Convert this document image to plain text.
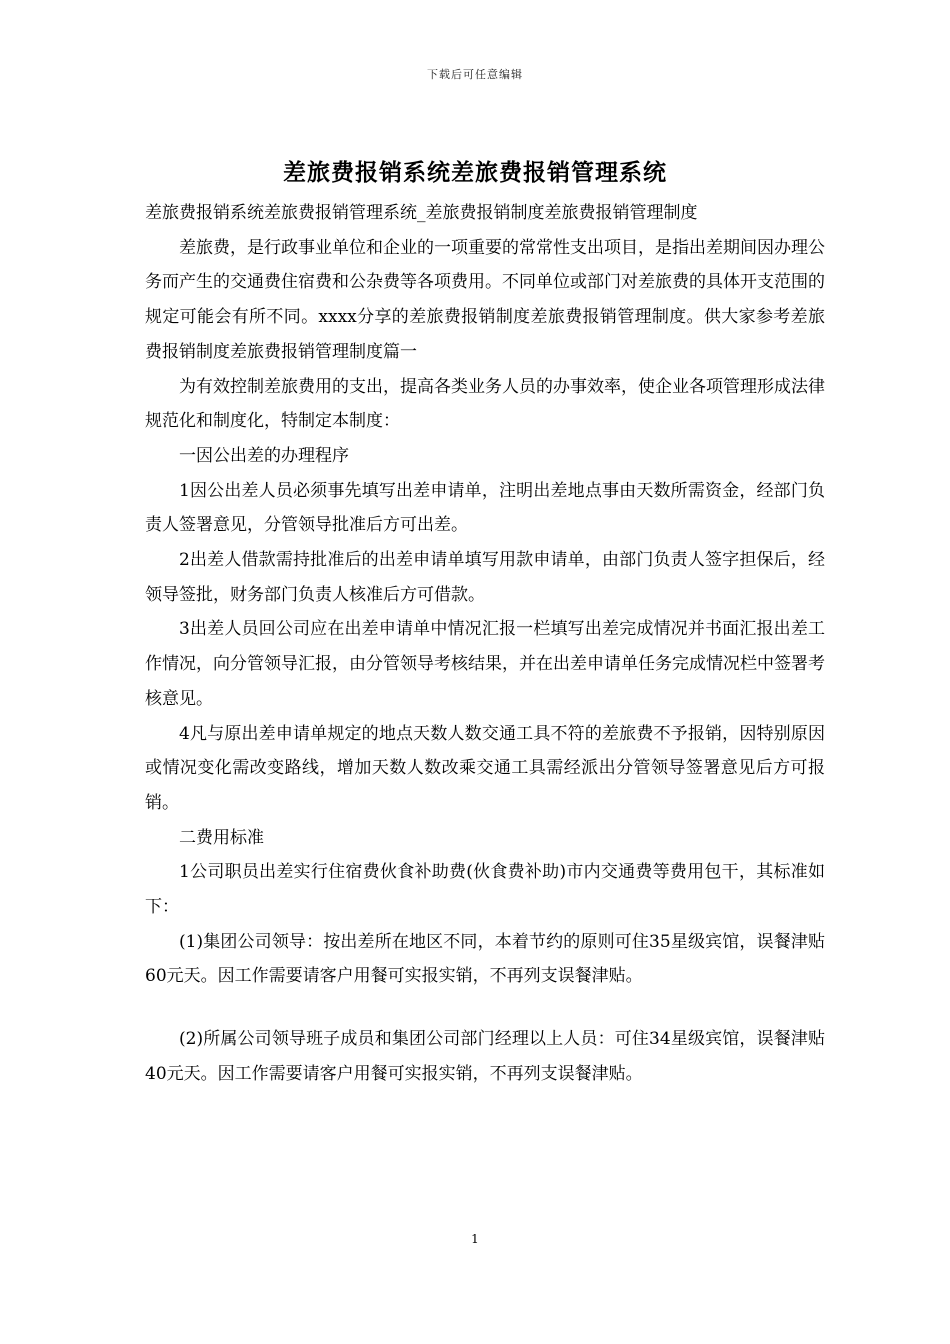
下载后可任意编辑
差旅费报销系统差旅费报销管理系统

差旅费报销系统差旅费报销管理系统_差旅费报销制度差旅费报销管理制度

差旅费，是行政事业单位和企业的一项重要的常常性支出项目，是指出差期间因办理公务而产生的交通费住宿费和公杂费等各项费用。不同单位或部门对差旅费的具体开支范围的规定可能会有所不同。xxxx分享的差旅费报销制度差旅费报销管理制度。供大家参考差旅费报销制度差旅费报销管理制度篇一

为有效控制差旅费用的支出，提高各类业务人员的办事效率，使企业各项管理形成法律规范化和制度化，特制定本制度：

一因公出差的办理程序

1因公出差人员必须事先填写出差申请单，注明出差地点事由天数所需资金，经部门负责人签署意见，分管领导批准后方可出差。

2出差人借款需持批准后的出差申请单填写用款申请单，由部门负责人签字担保后，经领导签批，财务部门负责人核准后方可借款。

3出差人员回公司应在出差申请单中情况汇报一栏填写出差完成情况并书面汇报出差工作情况，向分管领导汇报，由分管领导考核结果，并在出差申请单任务完成情况栏中签署考核意见。

4凡与原出差申请单规定的地点天数人数交通工具不符的差旅费不予报销，因特别原因或情况变化需改变路线，增加天数人数改乘交通工具需经派出分管领导签署意见后方可报销。

二费用标准

1公司职员出差实行住宿费伙食补助费(伙食费补助)市内交通费等费用包干，其标准如下：

(1)集团公司领导：按出差所在地区不同，本着节约的原则可住35星级宾馆，误餐津贴60元天。因工作需要请客户用餐可实报实销，不再列支误餐津贴。

(2)所属公司领导班子成员和集团公司部门经理以上人员：可住34星级宾馆，误餐津贴40元天。因工作需要请客户用餐可实报实销，不再列支误餐津贴。

1
